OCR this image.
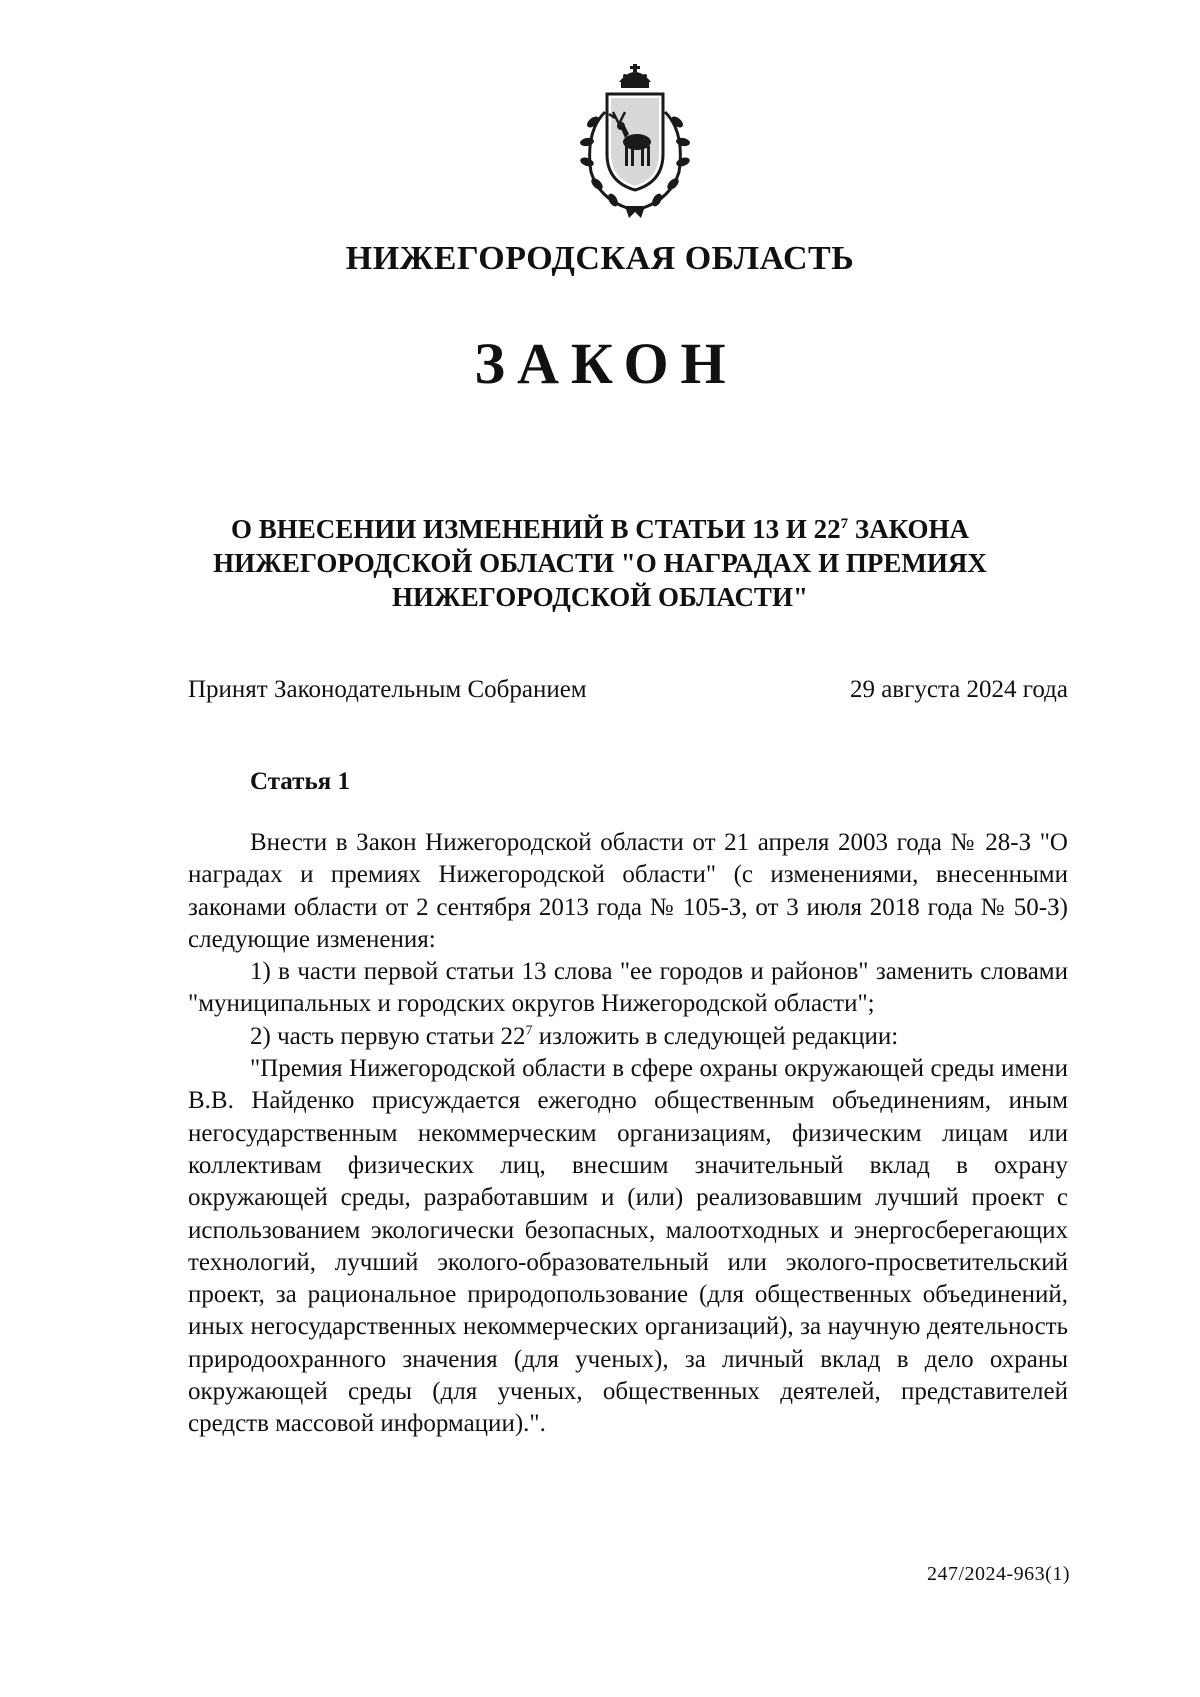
НИЖЕГОРОДСКАЯ ОБЛАСТЬ
ЗАКОН
О ВНЕСЕНИИ ИЗМЕНЕНИЙ В СТАТЬИ 13 И $22^7$ ЗАКОНА
НИЖЕГОРОДСКОЙ ОБЛАСТИ "О НАГРАДАХ И ПРЕМИЯХ
НИЖЕГОРОДСКОЙ ОБЛАСТИ"
Принят Законодательным Собранием	29 августа 2024 года
Статья 1

Внести в Закон Нижегородской области от 21 апреля 2003 года № 28-З "О наградах и премиях Нижегородской области" (с изменениями, внесенными законами области от 2 сентября 2013 года № 105-З, от 3 июля 2018 года № 50-З) следующие изменения:

1) в части первой статьи 13 слова "ее городов и районов" заменить словами "муниципальных и городских округов Нижегородской области";

2) часть первую статьи $22^7$ изложить в следующей редакции:

"Премия Нижегородской области в сфере охраны окружающей среды имени В.В. Найденко присуждается ежегодно общественным объединениям, иным негосударственным некоммерческим организациям, физическим лицам или коллективам физических лиц, внесшим значительный вклад в охрану окружающей среды, разработавшим и (или) реализовавшим лучший проект с использованием экологически безопасных, малоотходных и энергосберегающих технологий, лучший эколого-образовательный или эколого-просветительский проект, за рациональное природопользование (для общественных объединений, иных негосударственных некоммерческих организаций), за научную деятельность природоохранного значения (для ученых), за личный вклад в дело охраны окружающей среды (для ученых, общественных деятелей, представителей средств массовой информации).".

247/2024-963(1)
